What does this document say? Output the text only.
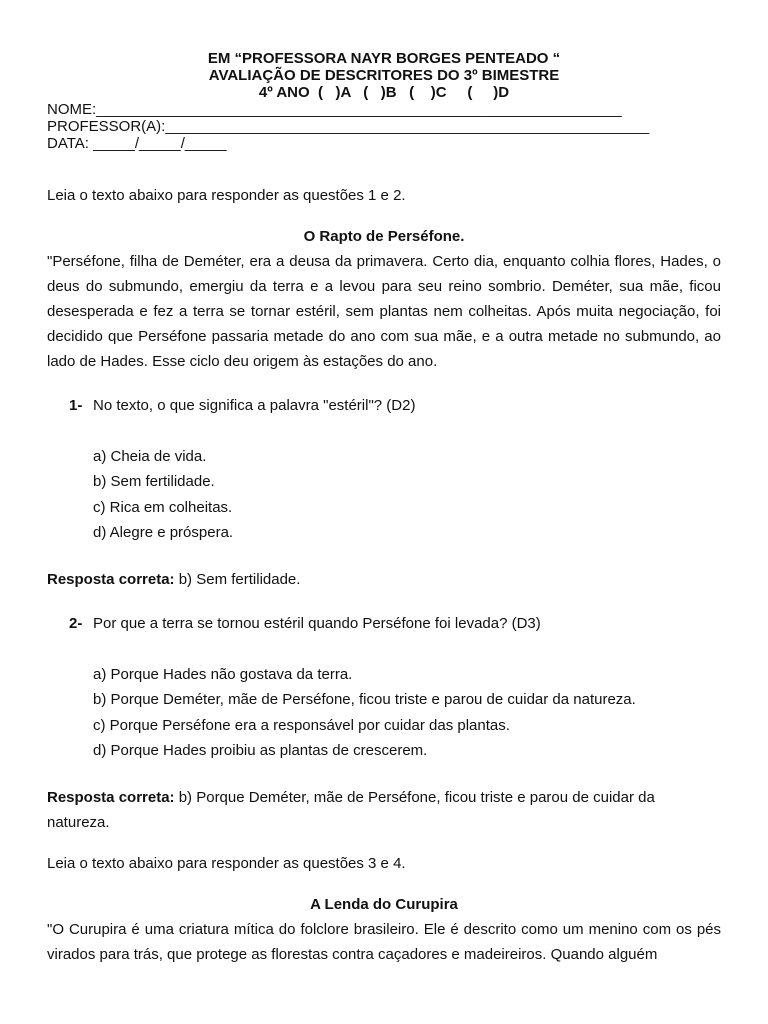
EM “PROFESSORA NAYR BORGES PENTEADO “
AVALIAÇÃO DE DESCRITORES DO 3º BIMESTRE
4º ANO  (   )A   (   )B   (    )C     (     )D
NOME:_______________________________________________________________
PROFESSOR(A):__________________________________________________________
DATA: _____/_____/_____
Leia o texto abaixo para responder as questões 1 e 2.
O Rapto de Perséfone.
"Perséfone, filha de Deméter, era a deusa da primavera. Certo dia, enquanto colhia flores, Hades, o deus do submundo, emergiu da terra e a levou para seu reino sombrio. Deméter, sua mãe, ficou desesperada e fez a terra se tornar estéril, sem plantas nem colheitas. Após muita negociação, foi decidido que Perséfone passaria metade do ano com sua mãe, e a outra metade no submundo, ao lado de Hades. Esse ciclo deu origem às estações do ano.
1- No texto, o que significa a palavra "estéril"? (D2)
a) Cheia de vida.
b) Sem fertilidade.
c) Rica em colheitas.
d) Alegre e próspera.
Resposta correta: b) Sem fertilidade.
2- Por que a terra se tornou estéril quando Perséfone foi levada? (D3)
a) Porque Hades não gostava da terra.
b) Porque Deméter, mãe de Perséfone, ficou triste e parou de cuidar da natureza.
c) Porque Perséfone era a responsável por cuidar das plantas.
d) Porque Hades proibiu as plantas de crescerem.
Resposta correta: b) Porque Deméter, mãe de Perséfone, ficou triste e parou de cuidar da natureza.
Leia o texto abaixo para responder as questões 3 e 4.
A Lenda do Curupira
"O Curupira é uma criatura mítica do folclore brasileiro. Ele é descrito como um menino com os pés virados para trás, que protege as florestas contra caçadores e madeireiros. Quando alguém
